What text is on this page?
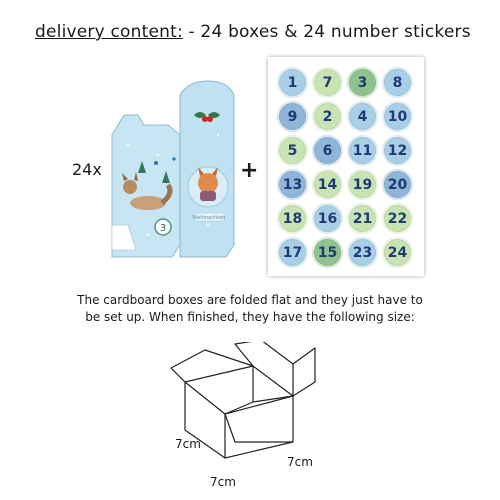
delivery content: - 24 boxes & 24 number stickers
24x
3
Weihnachten
+
1	7	3	8
9	2	4	10
5	6	11	12
13	14	19	20
18	16	21	22
17	15	23	24
The cardboard boxes are folded flat and they just have to
be set up. When finished, they have the following size:
7cm
7cm
7cm
